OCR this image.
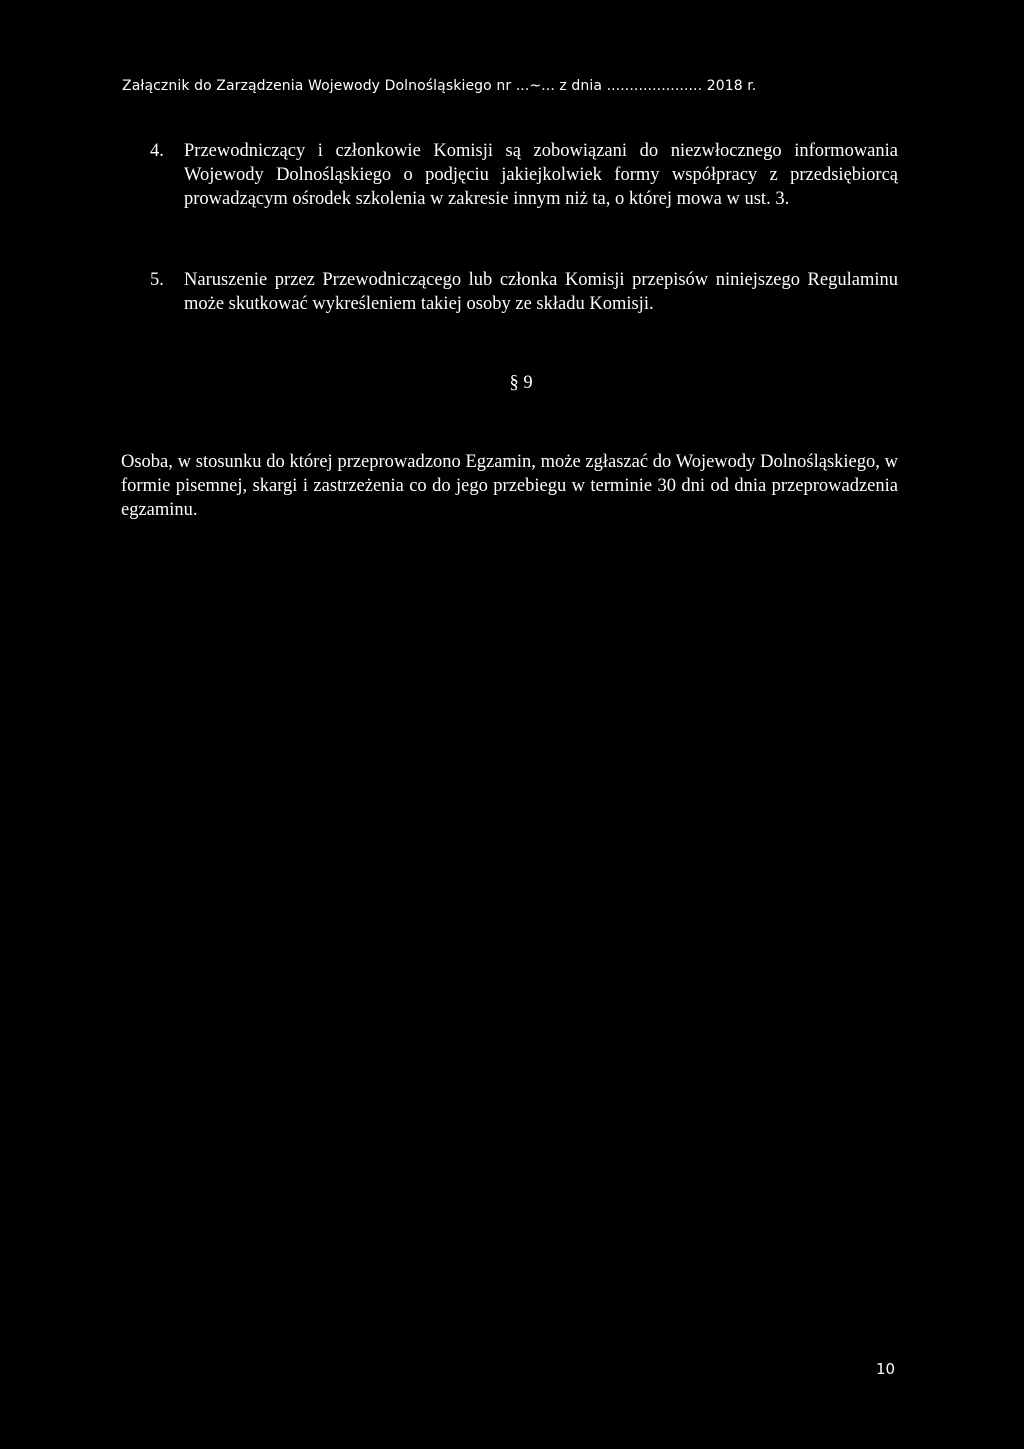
Załącznik do Zarządzenia Wojewody Dolnośląskiego nr ...~... z dnia ..................... 2018 r.
4. Przewodniczący i członkowie Komisji są zobowiązani do niezwłocznego informowania Wojewody Dolnośląskiego o podjęciu jakiejkolwiek formy współpracy z przedsiębiorcą prowadzącym ośrodek szkolenia w zakresie innym niż ta, o której mowa w ust. 3.
5. Naruszenie przez Przewodniczącego lub członka Komisji przepisów niniejszego Regulaminu może skutkować wykreśleniem takiej osoby ze składu Komisji.
§ 9
Osoba, w stosunku do której przeprowadzono Egzamin, może zgłaszać do Wojewody Dolnośląskiego, w formie pisemnej, skargi i zastrzeżenia co do jego przebiegu w terminie 30 dni od dnia przeprowadzenia egzaminu.
10
